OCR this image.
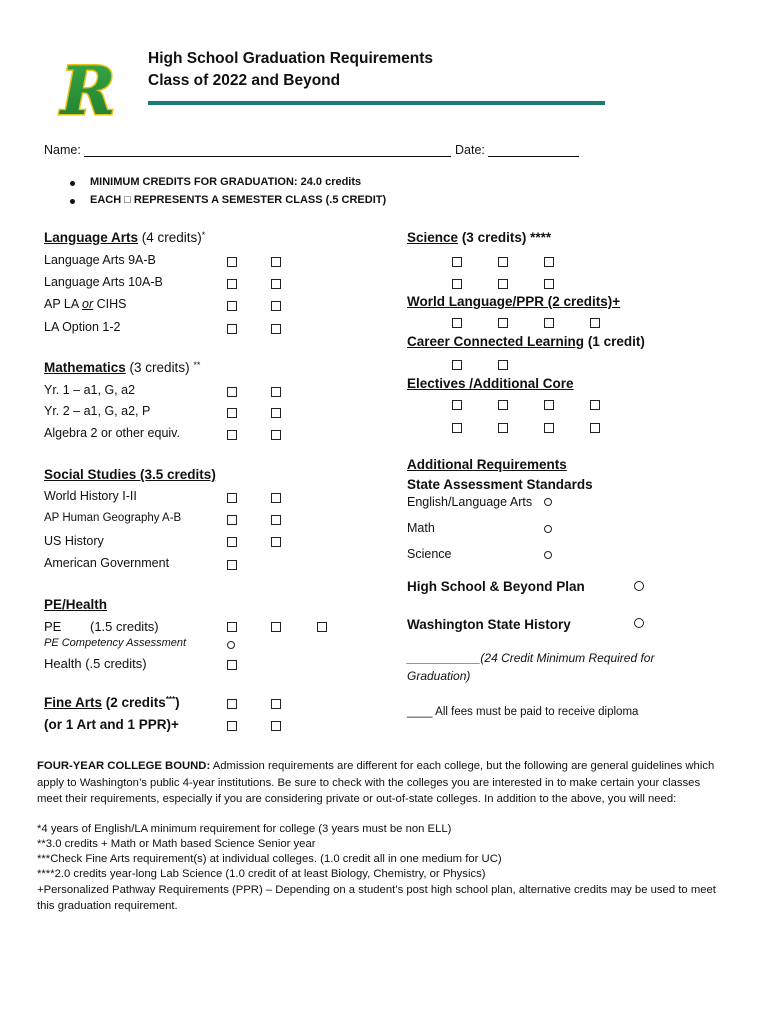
R High School Graduation Requirements
Class of 2022 and Beyond
Name:	Date:
MINIMUM CREDITS FOR GRADUATION: 24.0 credits
EACH □ REPRESENTS A SEMESTER CLASS (.5 CREDIT)
Language Arts (4 credits)*
Language Arts 9A-B
Language Arts 10A-B
AP LA or CIHS
LA Option 1-2
Mathematics (3 credits) **
Yr. 1 – a1, G, a2
Yr. 2 – a1, G, a2, P
Algebra 2 or other equiv.
Social Studies (3.5 credits)
World History I-II
AP Human Geography A-B
US History
American Government
PE/Health
PE (1.5 credits)
PE Competency Assessment
Health (.5 credits)
Fine Arts (2 credits***)
(or 1 Art and 1 PPR)+
Science (3 credits) ****
World Language/PPR (2 credits)+
Career Connected Learning (1 credit)
Electives /Additional Core
Additional Requirements
State Assessment Standards
English/Language Arts
Math
Science
High School & Beyond Plan
Washington State History
___________(24 Credit Minimum Required for
Graduation)
____ All fees must be paid to receive diploma
FOUR-YEAR COLLEGE BOUND: Admission requirements are different for each college, but the following are general guidelines which apply to Washington’s public 4-year institutions. Be sure to check with the colleges you are interested in to make certain your classes meet their requirements, especially if you are considering private or out-of-state colleges. In addition to the above, you will need:
*4 years of English/LA minimum requirement for college (3 years must be non ELL)
**3.0 credits + Math or Math based Science Senior year
***Check Fine Arts requirement(s) at individual colleges. (1.0 credit all in one medium for UC)
****2.0 credits year-long Lab Science (1.0 credit of at least Biology, Chemistry, or Physics)
+Personalized Pathway Requirements (PPR) – Depending on a student’s post high school plan, alternative credits may be used to meet
this graduation requirement.
